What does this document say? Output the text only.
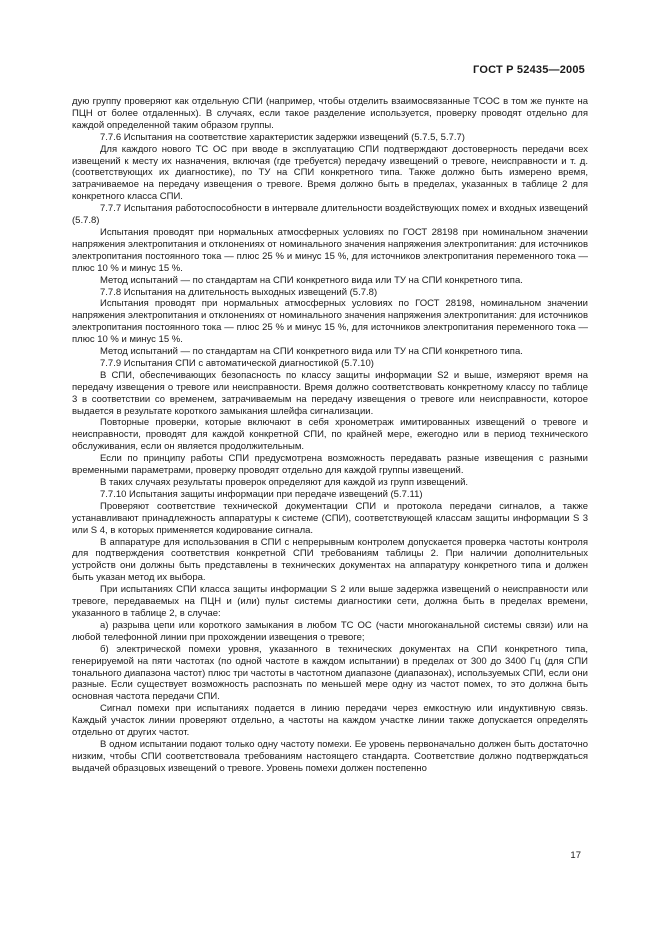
ГОСТ Р 52435—2005

дую группу проверяют как отдельную СПИ (например, чтобы отделить взаимосвязанные ТСОС в том же пункте на ПЦН от более отдаленных). В случаях, если такое разделение используется, проверку проводят отдельно для каждой определенной таким образом группы.

7.7.6 Испытания на соответствие характеристик задержки извещений (5.7.5, 5.7.7)

Для каждого нового ТС ОС при вводе в эксплуатацию СПИ подтверждают достоверность передачи всех извещений к месту их назначения, включая (где требуется) передачу извещений о тревоге, неисправности и т. д. (соответствующих их диагностике), по ТУ на СПИ конкретного типа. Также должно быть измерено время, затрачиваемое на передачу извещения о тревоге. Время должно быть в пределах, указанных в таблице 2 для конкретного класса СПИ.

7.7.7 Испытания работоспособности в интервале длительности воздействующих помех и входных извещений (5.7.8)

Испытания проводят при нормальных атмосферных условиях по ГОСТ 28198 при номинальном значении напряжения электропитания и отклонениях от номинального значения напряжения электропитания: для источников электропитания постоянного тока — плюс 25 % и минус 15 %, для источников электропитания переменного тока — плюс 10 % и минус 15 %.

Метод испытаний — по стандартам на СПИ конкретного вида или ТУ на СПИ конкретного типа.

7.7.8 Испытания на длительность выходных извещений (5.7.8)

Испытания проводят при нормальных атмосферных условиях по ГОСТ 28198, номинальном значении напряжения электропитания и отклонениях от номинального значения напряжения электропитания: для источников электропитания постоянного тока — плюс 25 % и минус 15 %, для источников электропитания переменного тока — плюс 10 % и минус 15 %.

Метод испытаний — по стандартам на СПИ конкретного вида или ТУ на СПИ конкретного типа.

7.7.9 Испытания СПИ с автоматической диагностикой (5.7.10)

В СПИ, обеспечивающих безопасность по классу защиты информации S2 и выше, измеряют время на передачу извещения о тревоге или неисправности. Время должно соответствовать конкретному классу по таблице 3 в соответствии со временем, затрачиваемым на передачу извещения о тревоге или неисправности, которое выдается в результате короткого замыкания шлейфа сигнализации.

Повторные проверки, которые включают в себя хронометраж имитированных извещений о тревоге и неисправности, проводят для каждой конкретной СПИ, по крайней мере, ежегодно или в период технического обслуживания, если он является продолжительным.

Если по принципу работы СПИ предусмотрена возможность передавать разные извещения с разными временными параметрами, проверку проводят отдельно для каждой группы извещений.

В таких случаях результаты проверок определяют для каждой из групп извещений.

7.7.10 Испытания защиты информации при передаче извещений (5.7.11)

Проверяют соответствие технической документации СПИ и протокола передачи сигналов, а также устанавливают принадлежность аппаратуры к системе (СПИ), соответствующей классам защиты информации S 3 или S 4, в которых применяется кодирование сигнала.

В аппаратуре для использования в СПИ с непрерывным контролем допускается проверка частоты контроля для подтверждения соответствия конкретной СПИ требованиям таблицы 2. При наличии дополнительных устройств они должны быть представлены в технических документах на аппаратуру конкретного типа и должен быть указан метод их выбора.

При испытаниях СПИ класса защиты информации S 2 или выше задержка извещений о неисправности или тревоге, передаваемых на ПЦН и (или) пульт системы диагностики сети, должна быть в пределах времени, указанного в таблице 2, в случае:

а) разрыва цепи или короткого замыкания в любом ТС ОС (части многоканальной системы связи) или на любой телефонной линии при прохождении извещения о тревоге;

б) электрической помехи уровня, указанного в технических документах на СПИ конкретного типа, генерируемой на пяти частотах (по одной частоте в каждом испытании) в пределах от 300 до 3400 Гц (для СПИ тонального диапазона частот) плюс три частоты в частотном диапазоне (диапазонах), используемых СПИ, если они разные. Если существует возможность распознать по меньшей мере одну из частот помех, то это должна быть основная частота передачи СПИ.

Сигнал помехи при испытаниях подается в линию передачи через емкостную или индуктивную связь. Каждый участок линии проверяют отдельно, а частоты на каждом участке линии также допускается определять отдельно от других частот.

В одном испытании подают только одну частоту помехи. Ее уровень первоначально должен быть достаточно низким, чтобы СПИ соответствовала требованиям настоящего стандарта. Соответствие должно подтверждаться выдачей образцовых извещений о тревоге. Уровень помехи должен постепенно

17
